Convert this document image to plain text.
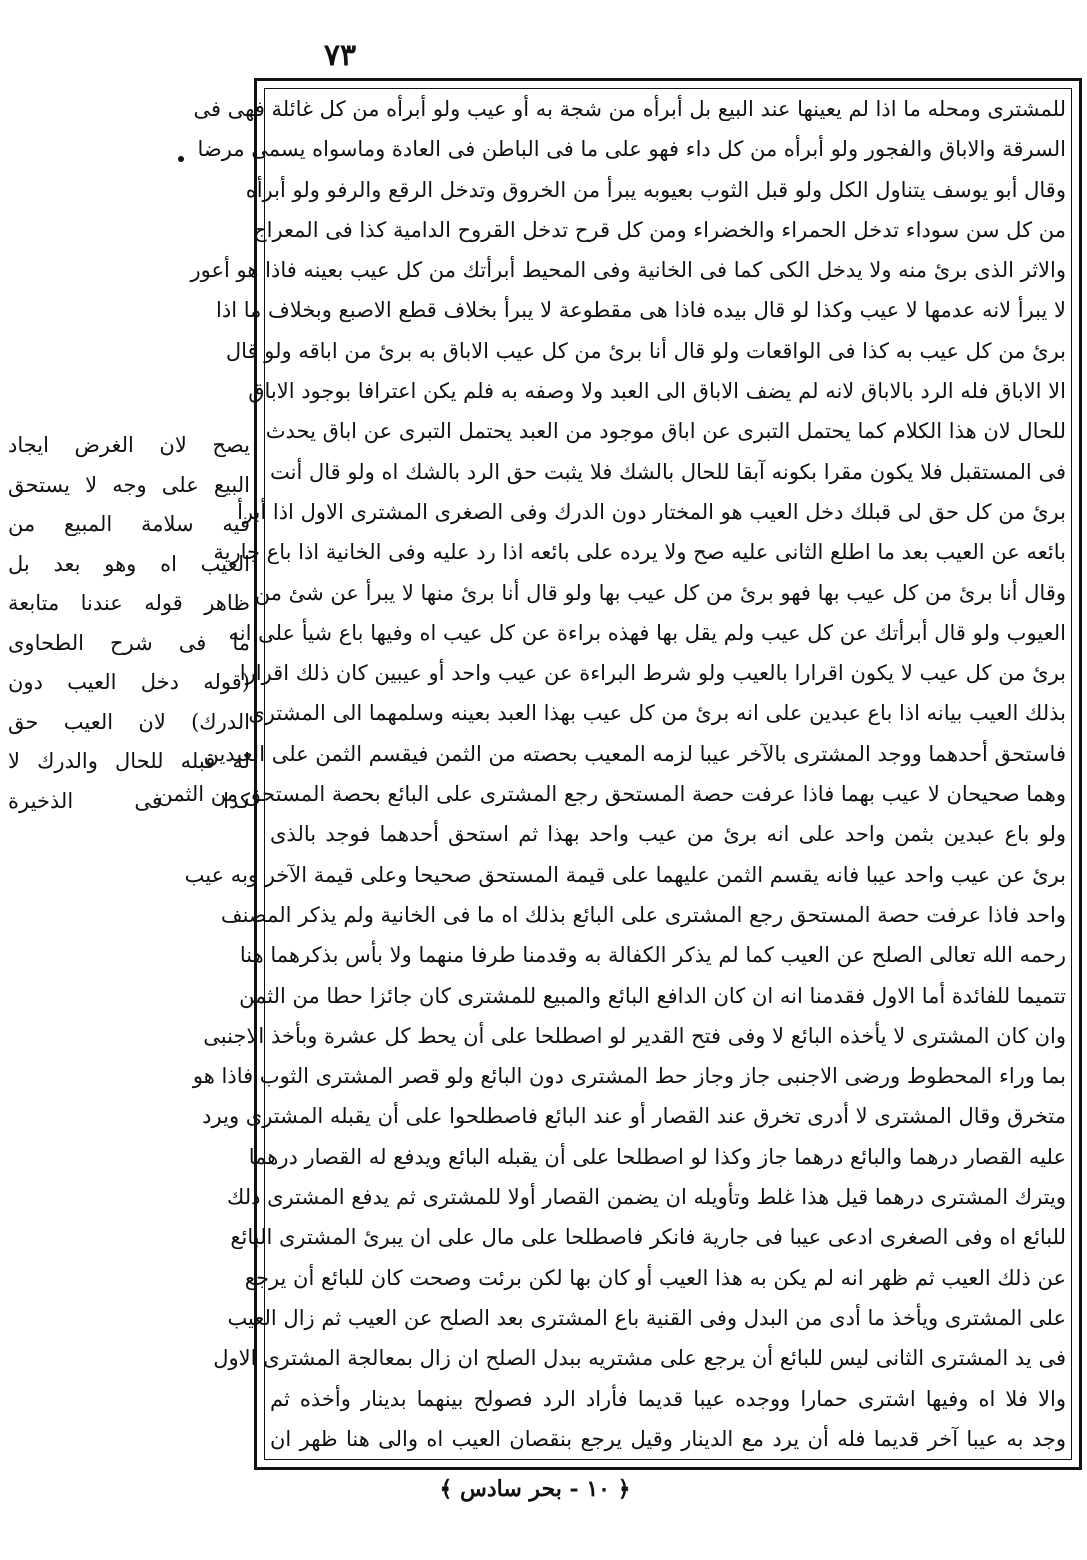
٧٣
يصح لان الغرض ايجاد
البيع على وجه لا يستحق
فيه سلامة المبيع من
العيب اه وهو بعد بل
ظاهر قوله عندنا متابعة
ما فى شرح الطحاوى
(قوله دخل العيب دون
الدرك) لان العيب حق
له قبله للحال والدرك لا
كذا فى الذخيرة
للمشترى ومحله ما اذا لم يعينها عند البيع بل أبرأه من شجة به أو عيب ولو أبرأه من كل غائلة فهى فى
السرقة والاباق والفجور ولو أبرأه من كل داء فهو على ما فى الباطن فى العادة وماسواه يسمى مرضا
وقال أبو يوسف يتناول الكل ولو قبل الثوب بعيوبه يبرأ من الخروق وتدخل الرقع والرفو ولو أبرأه
من كل سن سوداء تدخل الحمراء والخضراء ومن كل قرح تدخل القروح الدامية كذا فى المعراج
والاثر الذى برئ منه ولا يدخل الكى كما فى الخانية وفى المحيط أبرأتك من كل عيب بعينه فاذا هو أعور
لا يبرأ لانه عدمها لا عيب وكذا لو قال بيده فاذا هى مقطوعة لا يبرأ بخلاف قطع الاصبع وبخلاف ما اذا
برئ من كل عيب به كذا فى الواقعات ولو قال أنا برئ من كل عيب الاباق به برئ من اباقه ولو قال
الا الاباق فله الرد بالاباق لانه لم يضف الاباق الى العبد ولا وصفه به فلم يكن اعترافا بوجود الاباق
للحال لان هذا الكلام كما يحتمل التبرى عن اباق موجود من العبد يحتمل التبرى عن اباق يحدث
فى المستقبل فلا يكون مقرا بكونه آبقا للحال بالشك فلا يثبت حق الرد بالشك اه ولو قال أنت
برئ من كل حق لى قبلك دخل العيب هو المختار دون الدرك وفى الصغرى المشترى الاول اذا أبرأ
بائعه عن العيب بعد ما اطلع الثانى عليه صح ولا يرده على بائعه اذا رد عليه وفى الخانية اذا باع جارية
وقال أنا برئ من كل عيب بها فهو برئ من كل عيب بها ولو قال أنا برئ منها لا يبرأ عن شئ من
العيوب ولو قال أبرأتك عن كل عيب ولم يقل بها فهذه براءة عن كل عيب اه وفيها باع شيأ على انه
برئ من كل عيب لا يكون اقرارا بالعيب ولو شرط البراءة عن عيب واحد أو عيبين كان ذلك اقرارا
بذلك العيب بيانه اذا باع عبدين على انه برئ من كل عيب بهذا العبد بعينه وسلمهما الى المشترى
فاستحق أحدهما ووجد المشترى بالآخر عيبا لزمه المعيب بحصته من الثمن فيقسم الثمن على العبدين
وهما صحيحان لا عيب بهما فاذا عرفت حصة المستحق رجع المشترى على البائع بحصة المستحق من الثمن
ولو باع عبدين بثمن واحد على انه برئ من عيب واحد بهذا ثم استحق أحدهما فوجد بالذى
برئ عن عيب واحد عيبا فانه يقسم الثمن عليهما على قيمة المستحق صحيحا وعلى قيمة الآخر وبه عيب
واحد فاذا عرفت حصة المستحق رجع المشترى على البائع بذلك اه ما فى الخانية ولم يذكر المصنف
رحمه الله تعالى الصلح عن العيب كما لم يذكر الكفالة به وقدمنا طرفا منهما ولا بأس بذكرهما هنا
تتميما للفائدة أما الاول فقدمنا انه ان كان الدافع البائع والمبيع للمشترى كان جائزا حطا من الثمن
وان كان المشترى لا يأخذه البائع لا وفى فتح القدير لو اصطلحا على أن يحط كل عشرة وبأخذ الاجنبى
بما وراء المحطوط ورضى الاجنبى جاز وجاز حط المشترى دون البائع ولو قصر المشترى الثوب فاذا هو
متخرق وقال المشترى لا أدرى تخرق عند القصار أو عند البائع فاصطلحوا على أن يقبله المشترى ويرد
عليه القصار درهما والبائع درهما جاز وكذا لو اصطلحا على أن يقبله البائع ويدفع له القصار درهما
ويترك المشترى درهما قيل هذا غلط وتأويله ان يضمن القصار أولا للمشترى ثم يدفع المشترى ذلك
للبائع اه وفى الصغرى ادعى عيبا فى جارية فانكر فاصطلحا على مال على ان يبرئ المشترى البائع
عن ذلك العيب ثم ظهر انه لم يكن به هذا العيب أو كان بها لكن برئت وصحت كان للبائع أن يرجع
على المشترى ويأخذ ما أدى من البدل وفى القنية باع المشترى بعد الصلح عن العيب ثم زال العيب
فى يد المشترى الثانى ليس للبائع أن يرجع على مشتريه ببدل الصلح ان زال بمعالجة المشترى الاول
والا فلا اه وفيها اشترى حمارا ووجده عيبا قديما فأراد الرد فصولح بينهما بدينار وأخذه ثم
وجد به عيبا آخر قديما فله أن يرد مع الدينار وقيل يرجع بنقصان العيب اه والى هنا ظهر ان
﴿ ١٠ - بحر سادس ﴾
